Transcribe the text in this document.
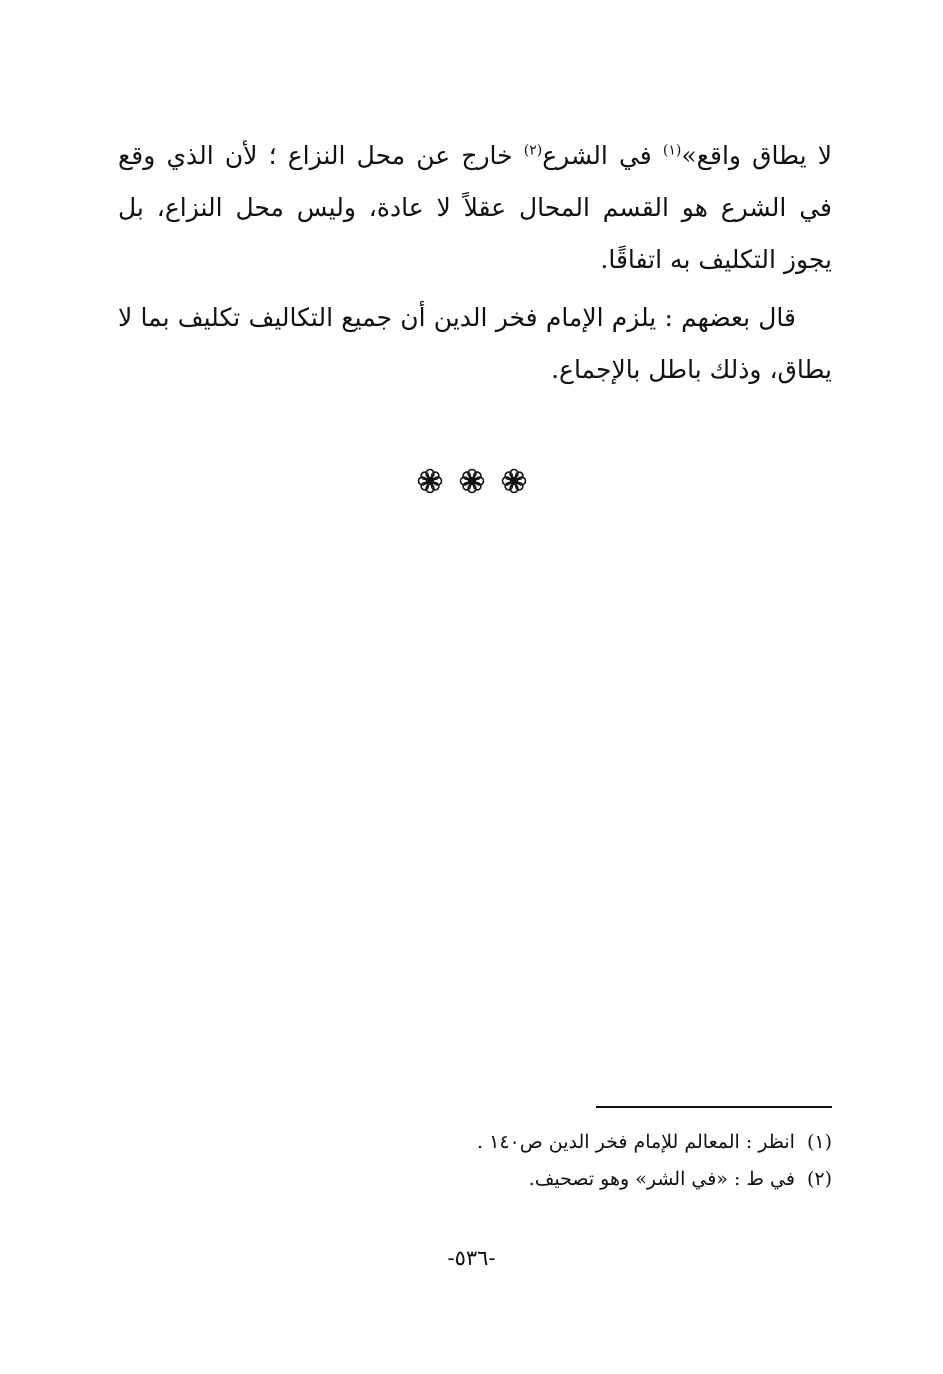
لا يطاق واقع»$^{(١)}$ في الشرع$^{(٢)}$ خارج عن محل النزاع ؛ لأن الذي وقع في الشرع هو القسم المحال عقلاً لا عادة، وليس محل النزاع، بل يجوز التكليف به اتفاقًا.

قال بعضهم : يلزم الإمام فخر الدين أن جميع التكاليف تكليف بما لا يطاق، وذلك باطل بالإجماع.

(١)انظر : المعالم للإمام فخر الدين ص١٤٠ .
(٢)في ط : «في الشر» وهو تصحيف.
-٥٣٦-
